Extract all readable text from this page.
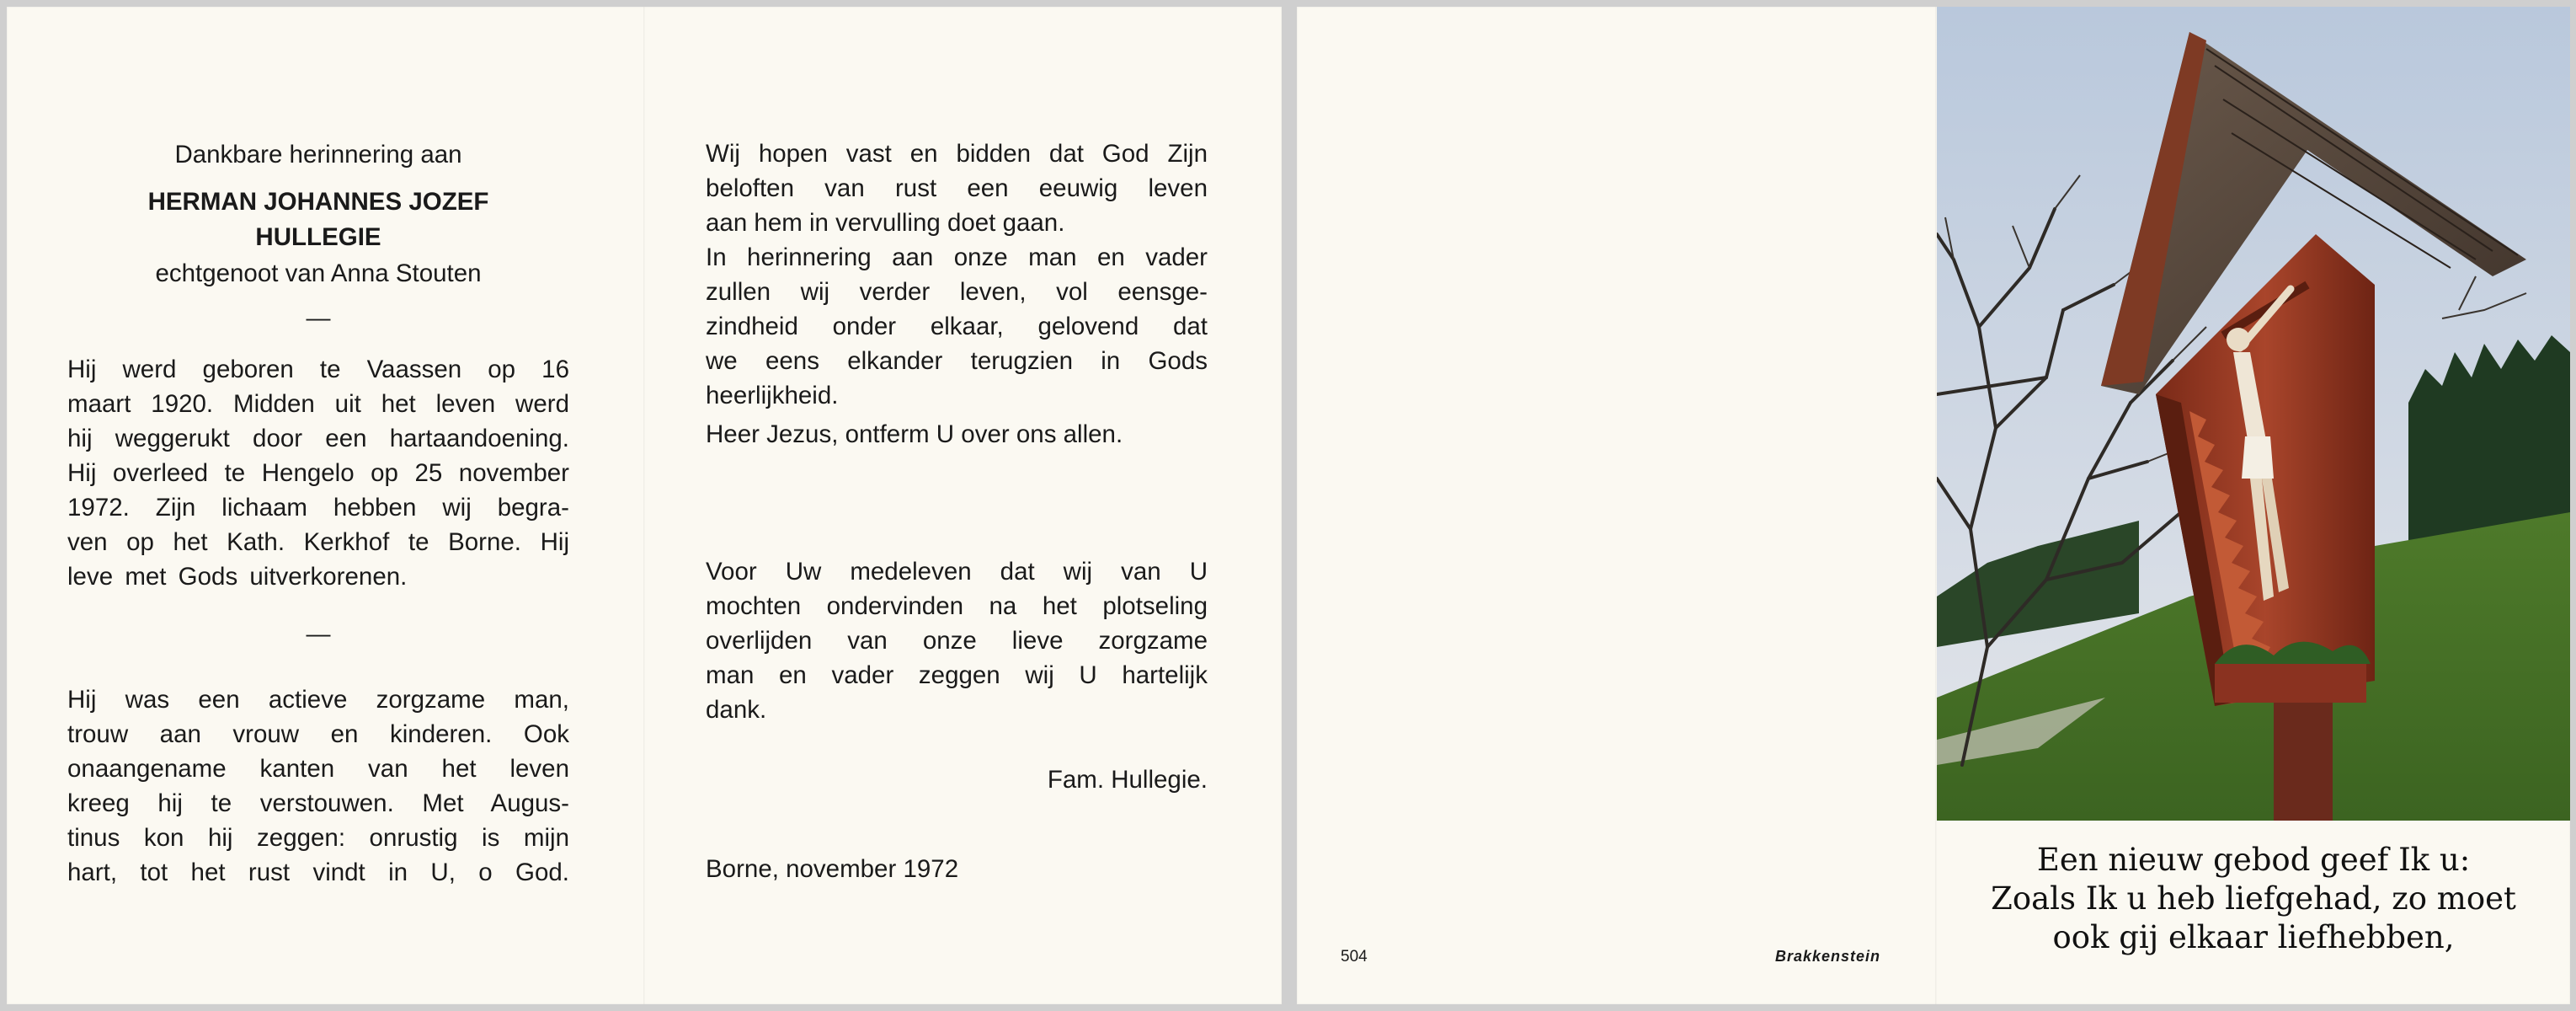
Dankbare herinnering aan
HERMAN JOHANNES JOZEF
HULLEGIE
echtgenoot van Anna Stouten
—
Hij werd geboren te Vaassen op 16
maart 1920. Midden uit het leven werd
hij weggerukt door een hartaandoening.
Hij overleed te Hengelo op 25 november
1972. Zijn lichaam hebben wij begra-
ven op het Kath. Kerkhof te Borne. Hij
leve met Gods uitverkorenen.
—
Hij was een actieve zorgzame man,
trouw aan vrouw en kinderen. Ook
onaangename kanten van het leven
kreeg hij te verstouwen. Met Augus-
tinus kon hij zeggen: onrustig is mijn
hart, tot het rust vindt in U, o God.
Wij hopen vast en bidden dat God Zijn
beloften van rust een eeuwig leven
aan hem in vervulling doet gaan.
In herinnering aan onze man en vader
zullen wij verder leven, vol eensge-
zindheid onder elkaar, gelovend dat
we eens elkander terugzien in Gods
heerlijkheid.
Heer Jezus, ontferm U over ons allen.
Voor Uw medeleven dat wij van U
mochten ondervinden na het plotseling
overlijden van onze lieve zorgzame
man en vader zeggen wij U hartelijk
dank.
Fam. Hullegie.
Borne, november 1972
504	Brakkenstein
Een nieuw gebod geef Ik u:
Zoals Ik u heb liefgehad, zo moet
ook gij elkaar liefhebben,
